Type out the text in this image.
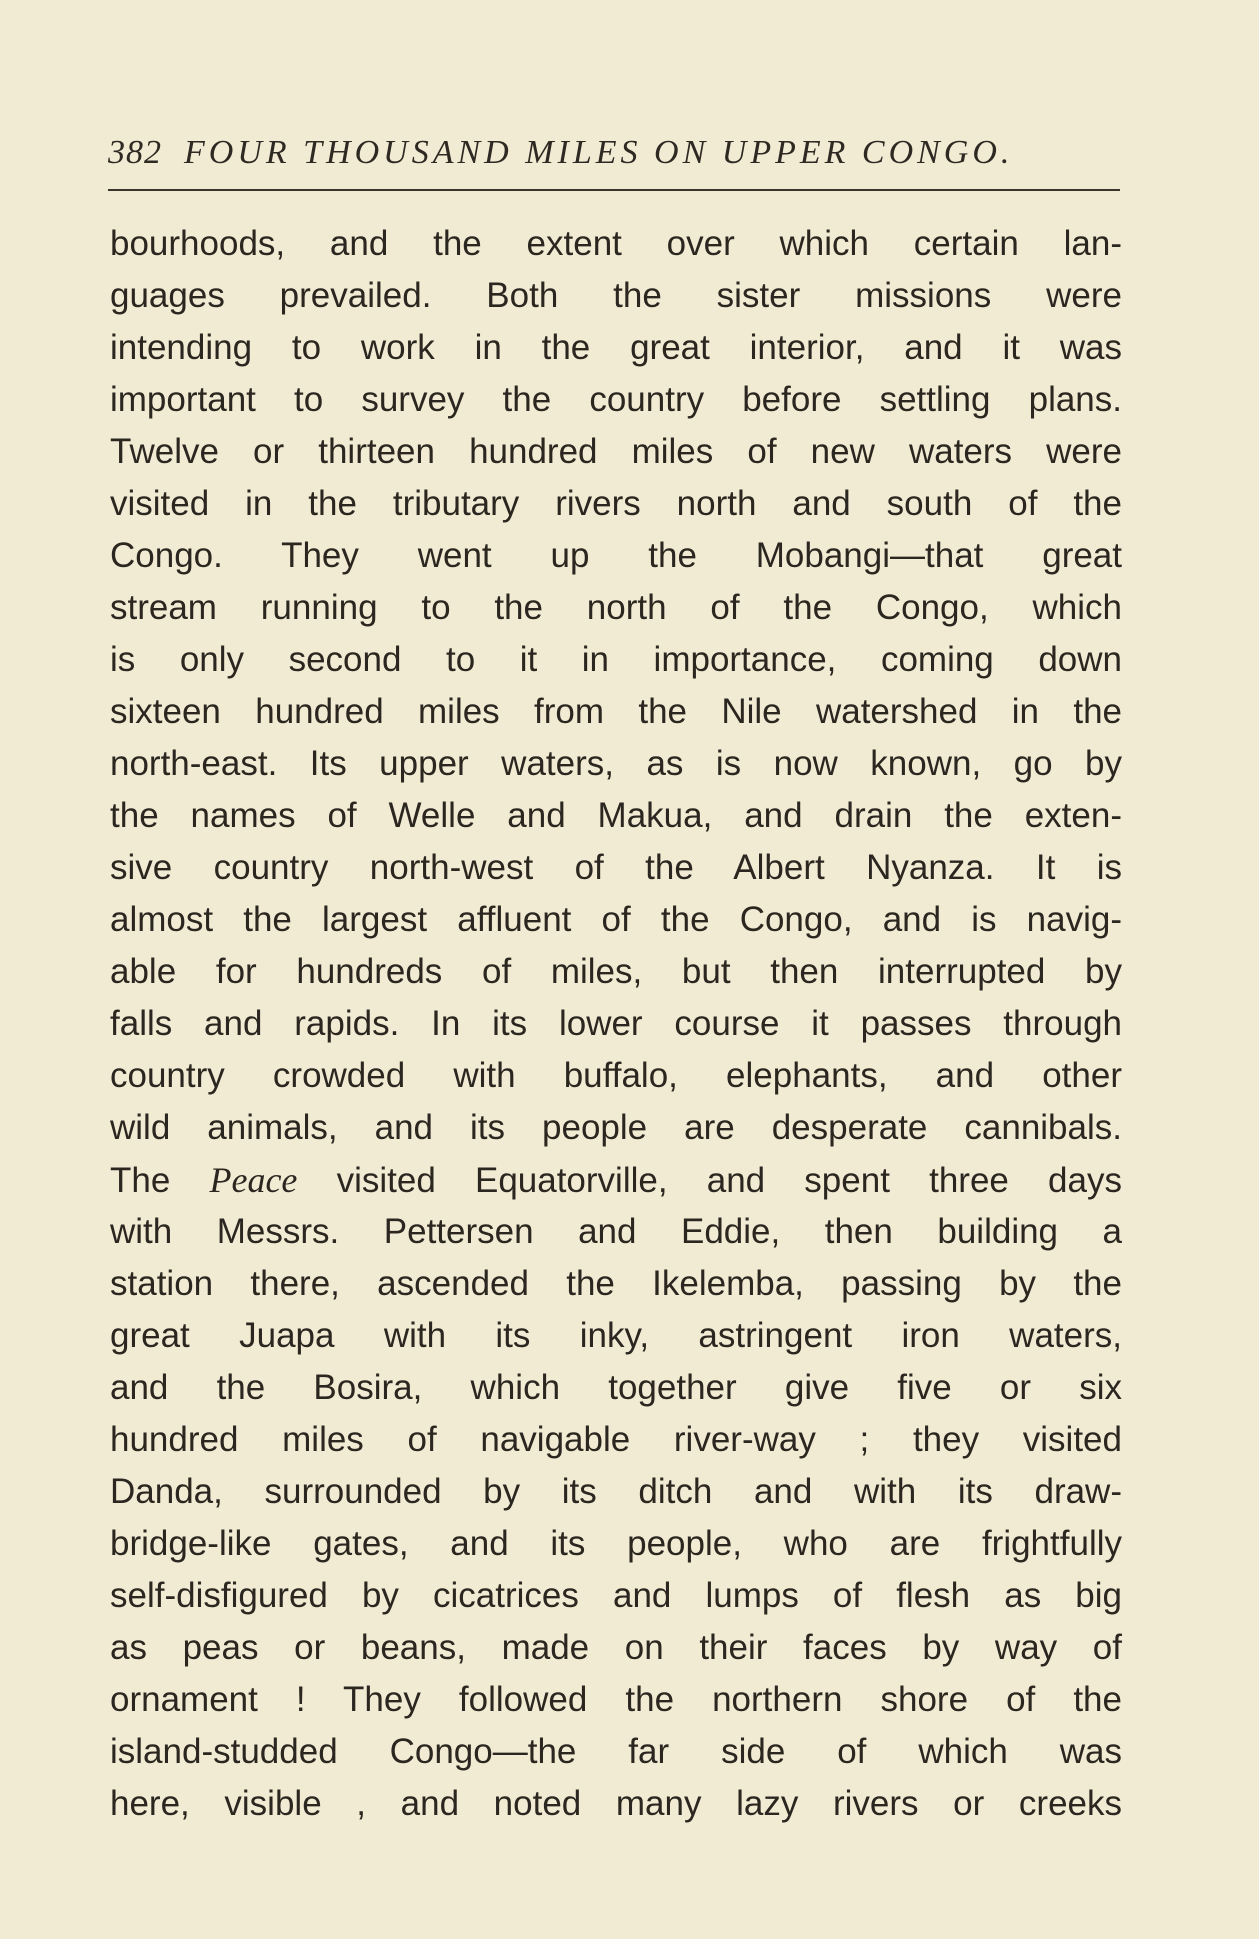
382 FOUR THOUSAND MILES ON UPPER CONGO.
bourhoods, and the extent over which certain lan-
guages prevailed. Both the sister missions were
intending to work in the great interior, and it was
important to survey the country before settling plans.
Twelve or thirteen hundred miles of new waters were
visited in the tributary rivers north and south of the
Congo. They went up the Mobangi—that great
stream running to the north of the Congo, which
is only second to it in importance, coming down
sixteen hundred miles from the Nile watershed in the
north-east. Its upper waters, as is now known, go by
the names of Welle and Makua, and drain the exten-
sive country north-west of the Albert Nyanza. It is
almost the largest affluent of the Congo, and is navig-
able for hundreds of miles, but then interrupted by
falls and rapids. In its lower course it passes through
country crowded with buffalo, elephants, and other
wild animals, and its people are desperate cannibals.
The Peace visited Equatorville, and spent three days
with Messrs. Pettersen and Eddie, then building a
station there, ascended the Ikelemba, passing by the
great Juapa with its inky, astringent iron waters,
and the Bosira, which together give five or six
hundred miles of navigable river-way ; they visited
Danda, surrounded by its ditch and with its draw-
bridge-like gates, and its people, who are frightfully
self-disfigured by cicatrices and lumps of flesh as big
as peas or beans, made on their faces by way of
ornament ! They followed the northern shore of the
island-studded Congo—the far side of which was
here, visible , and noted many lazy rivers or creeks
